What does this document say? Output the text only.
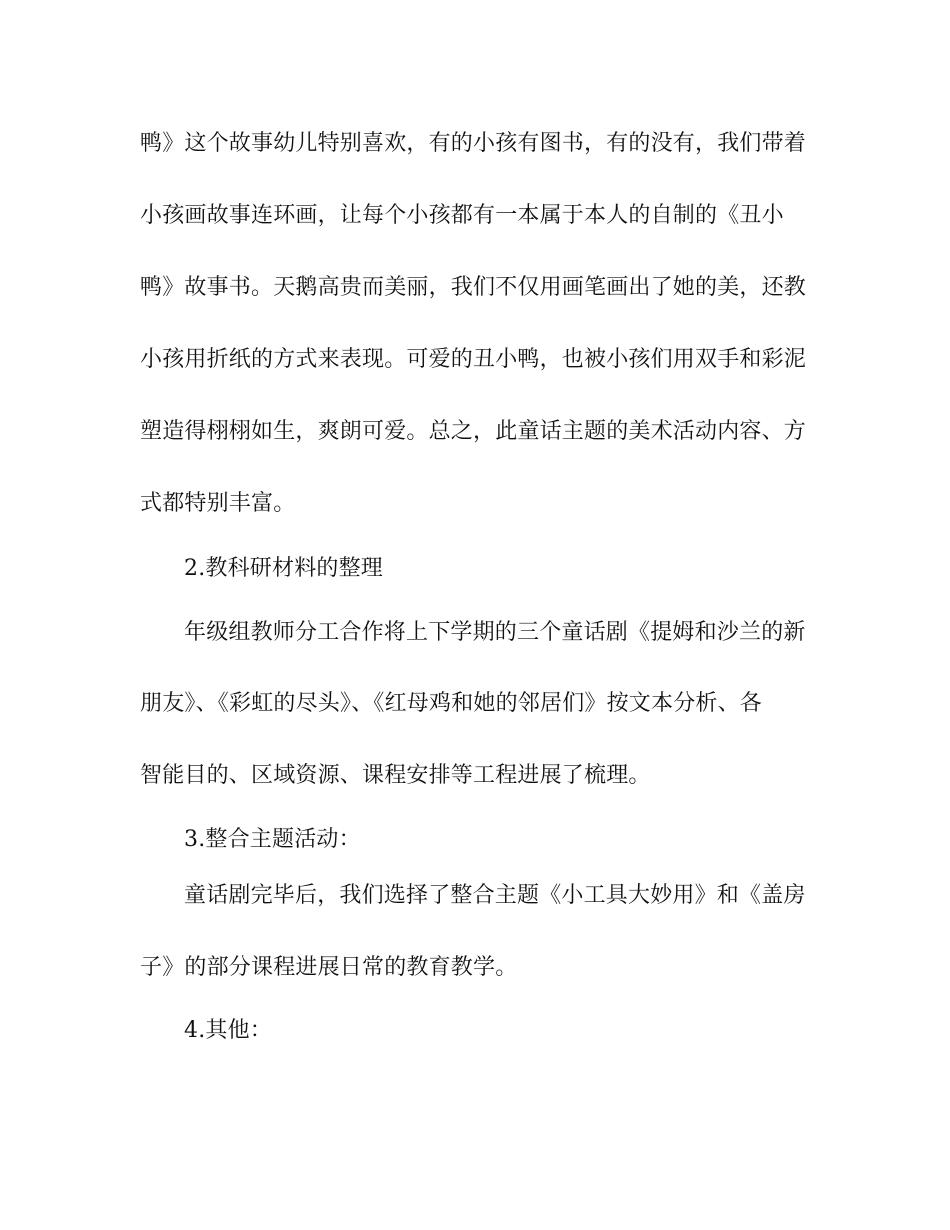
鸭》这个故事幼儿特别喜欢，有的小孩有图书，有的没有，我们带着
小孩画故事连环画，让每个小孩都有一本属于本人的自制的《丑小
鸭》故事书。天鹅高贵而美丽，我们不仅用画笔画出了她的美，还教
小孩用折纸的方式来表现。可爱的丑小鸭，也被小孩们用双手和彩泥
塑造得栩栩如生，爽朗可爱。总之，此童话主题的美术活动内容、方
式都特别丰富。
2.教科研材料的整理
年级组教师分工合作将上下学期的三个童话剧《提姆和沙兰的新
朋友》、《彩虹的尽头》、《红母鸡和她的邻居们》按文本分析、各
智能目的、区域资源、课程安排等工程进展了梳理。
3.整合主题活动：
童话剧完毕后，我们选择了整合主题《小工具大妙用》和《盖房
子》的部分课程进展日常的教育教学。
4.其他：
